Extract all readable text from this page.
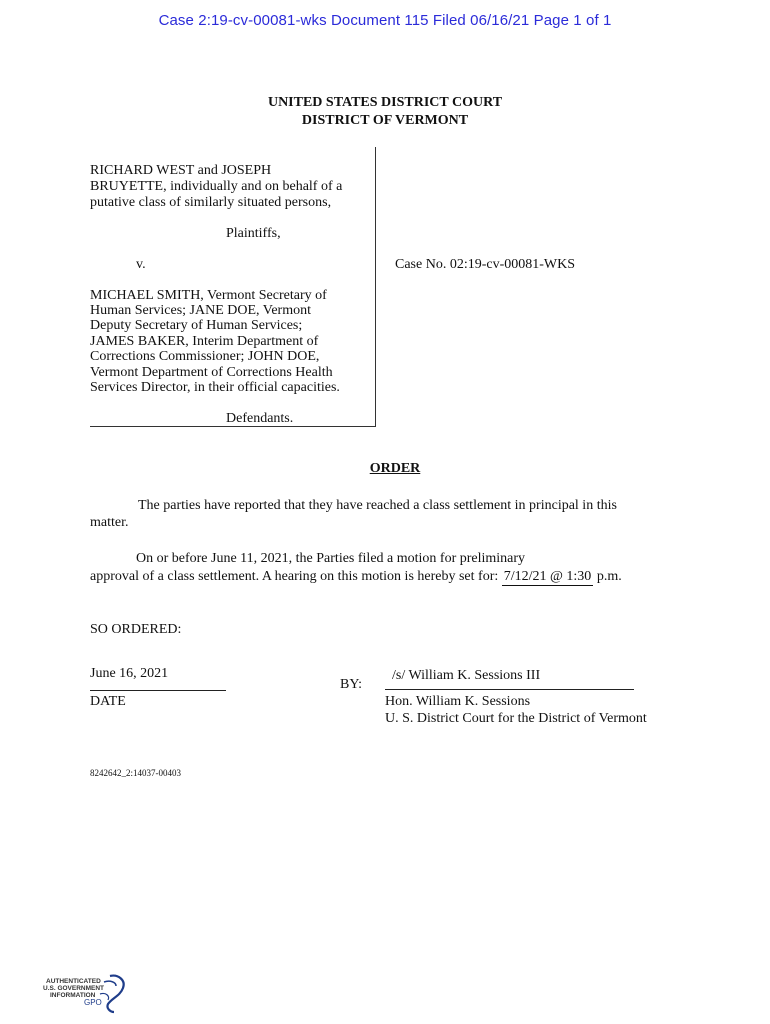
Case 2:19-cv-00081-wks Document 115 Filed 06/16/21 Page 1 of 1
UNITED STATES DISTRICT COURT
DISTRICT OF VERMONT
RICHARD WEST and JOSEPH
BRUYETTE, individually and on behalf of a
putative class of similarly situated persons,
Plaintiffs,
v.	Case No. 02:19-cv-00081-WKS
MICHAEL SMITH, Vermont Secretary of
Human Services; JANE DOE, Vermont
Deputy Secretary of Human Services;
JAMES BAKER, Interim Department of
Corrections Commissioner; JOHN DOE,
Vermont Department of Corrections Health
Services Director, in their official capacities.
Defendants.
ORDER
The parties have reported that they have reached a class settlement in principal in this
matter.
On or before June 11, 2021, the Parties filed a motion for preliminary
approval of a class settlement. A hearing on this motion is hereby set for: 7/12/21 @ 1:30 p.m.
SO ORDERED:
June 16, 2021
DATE
BY:
/s/ William K. Sessions III
Hon. William K. Sessions
U. S. District Court for the District of Vermont
8242642_2:14037-00403
AUTHENTICATED
U.S. GOVERNMENT
INFORMATION
GPO
